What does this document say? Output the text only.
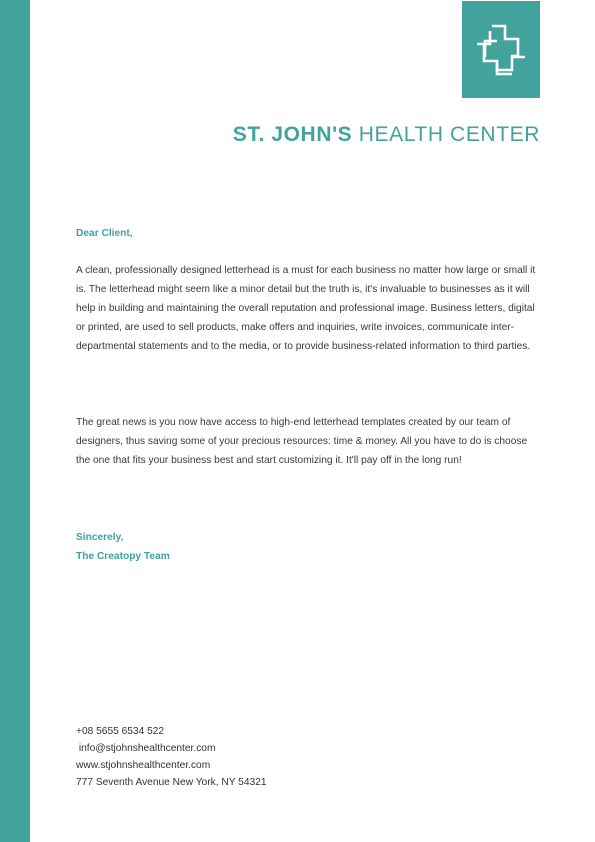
ST. JOHN'S HEALTH CENTER
Dear Client,
A clean, professionally designed letterhead is a must for each business no matter how large or small it is. The letterhead might seem like a minor detail but the truth is, it's invaluable to businesses as it will help in building and maintaining the overall reputation and professional image. Business letters, digital or printed, are used to sell products, make offers and inquiries, write invoices, communicate inter-departmental statements and to the media, or to provide business-related information to third parties.
The great news is you now have access to high-end letterhead templates created by our team of designers, thus saving some of your precious resources: time & money. All you have to do is choose the one that fits your business best and start customizing it. It'll pay off in the long run!
Sincerely,
The Creatopy Team
+08 5655 6534 522
info@stjohnshealthcenter.com
www.stjohnshealthcenter.com
777 Seventh Avenue New York, NY 54321
